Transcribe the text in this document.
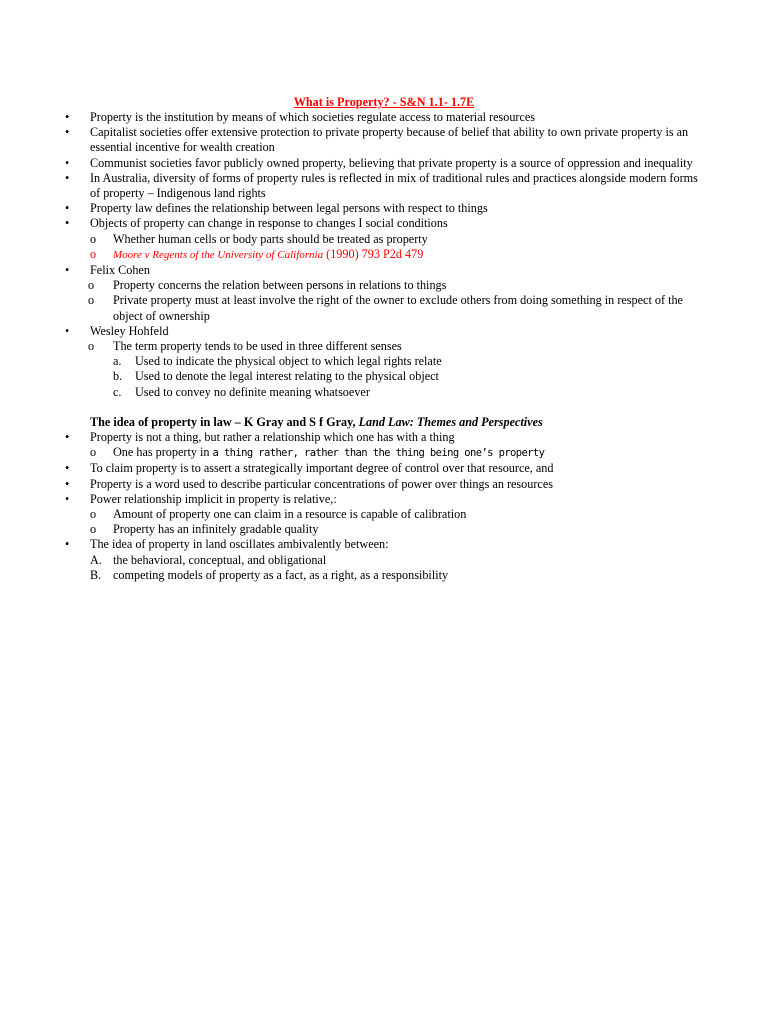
What is Property? - S&N 1.1- 1.7E
• Property is the institution by means of which societies regulate access to material resources
• Capitalist societies offer extensive protection to private property because of belief that ability to own private property is an essential incentive for wealth creation
• Communist societies favor publicly owned property, believing that private property is a source of oppression and inequality
• In Australia, diversity of forms of property rules is reflected in mix of traditional rules and practices alongside modern forms of property – Indigenous land rights
• Property law defines the relationship between legal persons with respect to things
• Objects of property can change in response to changes I social conditions
o Whether human cells or body parts should be treated as property
o Moore v Regents of the University of California (1990) 793 P2d 479
• Felix Cohen
o	Property concerns the relation between persons in relations to things
o	Private property must at least involve the right of the owner to exclude others from doing something in respect of the object of ownership
• Wesley Hohfeld
o	The term property tends to be used in three different senses
a. Used to indicate the physical object to which legal rights relate
b. Used to denote the legal interest relating to the physical object
c. Used to convey no definite meaning whatsoever
The idea of property in law – K Gray and S f Gray, Land Law: Themes and Perspectives
• Property is not a thing, but rather a relationship which one has with a thing
o One has property in a thing rather, rather than the thing being one’s property
• To claim property is to assert a strategically important degree of control over that resource, and
• Property is a word used to describe particular concentrations of power over things an resources
• Power relationship implicit in property is relative,:
o Amount of property one can claim in a resource is capable of calibration
o Property has an infinitely gradable quality
• The idea of property in land oscillates ambivalently between:
A. the behavioral, conceptual, and obligational
B. competing models of property as a fact, as a right, as a responsibility
